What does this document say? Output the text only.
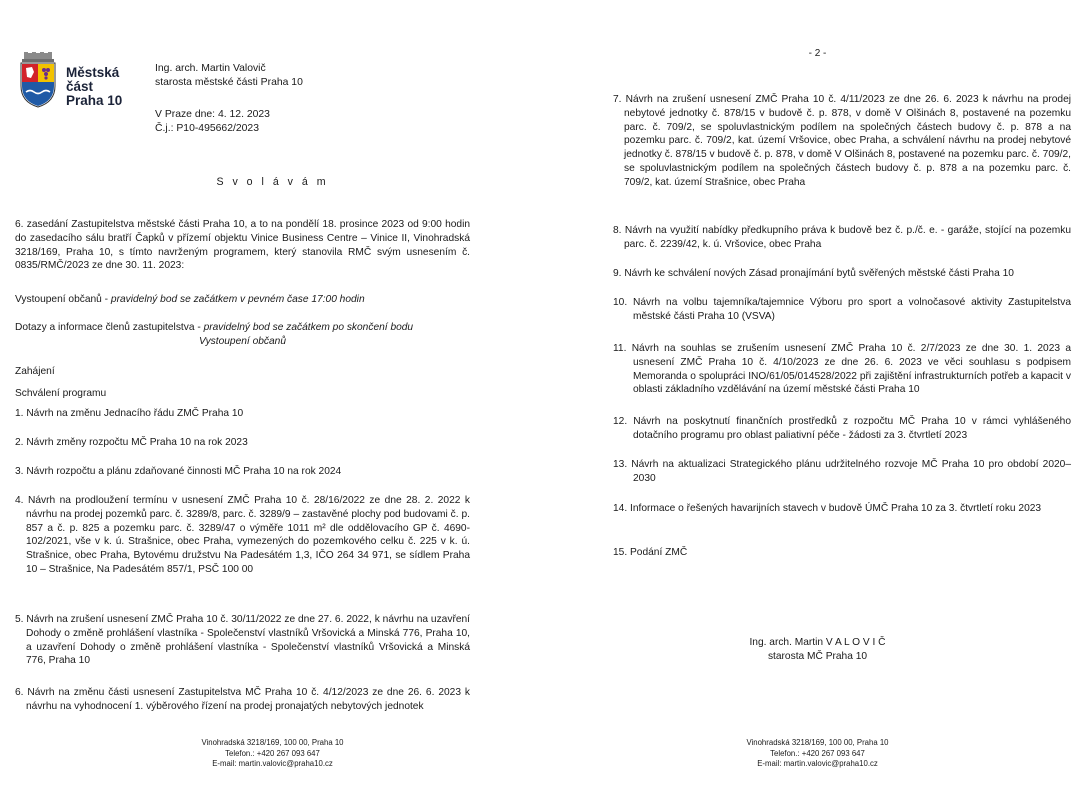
Městská
část
Praha 10
Ing. arch. Martin Valovič
starosta městské části Praha 10
V Praze dne: 4. 12. 2023
Č.j.: P10-495662/2023
S v o l á v á m
6. zasedání Zastupitelstva městské části Praha 10, a to na pondělí 18. prosince 2023 od 9:00 hodin do zasedacího sálu bratří Čapků v přízemí objektu Vinice Business Centre – Vinice II, Vinohradská 3218/169, Praha 10, s tímto navrženým programem, který stanovila RMČ svým usnesením č. 0835/RMČ/2023 ze dne 30. 11. 2023:
Vystoupení občanů - pravidelný bod se začátkem v pevném čase 17:00 hodin
Dotazy a informace členů zastupitelstva - pravidelný bod se začátkem po skončení bodu
Vystoupení občanů
Zahájení
Schválení programu
1. Návrh na změnu Jednacího řádu ZMČ Praha 10
2. Návrh změny rozpočtu MČ Praha 10 na rok 2023
3. Návrh rozpočtu a plánu zdaňované činnosti MČ Praha 10 na rok 2024
4. Návrh na prodloužení termínu v usnesení ZMČ Praha 10 č. 28/16/2022 ze dne 28. 2. 2022 k návrhu na prodej pozemků parc. č. 3289/8, parc. č. 3289/9 – zastavěné plochy pod budovami č. p. 857 a č. p. 825 a pozemku parc. č. 3289/47 o výměře 1011 m² dle oddělovacího GP č. 4690-102/2021, vše v k. ú. Strašnice, obec Praha, vymezených do pozemkového celku č. 225 v k. ú. Strašnice, obec Praha, Bytovému družstvu Na Padesátém 1,3, IČO 264 34 971, se sídlem Praha 10 – Strašnice, Na Padesátém 857/1, PSČ 100 00
5. Návrh na zrušení usnesení ZMČ Praha 10 č. 30/11/2022 ze dne 27. 6. 2022, k návrhu na uzavření Dohody o změně prohlášení vlastníka - Společenství vlastníků Vršovická a Minská 776, Praha 10, a uzavření Dohody o změně prohlášení vlastníka - Společenství vlastníků Vršovická a Minská 776, Praha 10
6. Návrh na změnu části usnesení Zastupitelstva MČ Praha 10 č. 4/12/2023 ze dne 26. 6. 2023 k návrhu na vyhodnocení 1. výběrového řízení na prodej pronajatých nebytových jednotek
Vinohradská 3218/169, 100 00, Praha 10
Telefon.: +420 267 093 647
E-mail: martin.valovic@praha10.cz
- 2 -
7. Návrh na zrušení usnesení ZMČ Praha 10 č. 4/11/2023 ze dne 26. 6. 2023 k návrhu na prodej nebytové jednotky č. 878/15 v budově č. p. 878, v domě V Olšinách 8, postavené na pozemku parc. č. 709/2, se spoluvlastnickým podílem na společných částech budovy č. p. 878 a na pozemku parc. č. 709/2, kat. území Vršovice, obec Praha, a schválení návrhu na prodej nebytové jednotky č. 878/15 v budově č. p. 878, v domě V Olšinách 8, postavené na pozemku parc. č. 709/2, se spoluvlastnickým podílem na společných částech budovy č. p. 878 a na pozemku parc. č. 709/2, kat. území Strašnice, obec Praha
8. Návrh na využití nabídky předkupního práva k budově bez č. p./č. e. - garáže, stojící na pozemku parc. č. 2239/42, k. ú. Vršovice, obec Praha
9. Návrh ke schválení nových Zásad pronajímání bytů svěřených městské části Praha 10
10. Návrh na volbu tajemníka/tajemnice Výboru pro sport a volnočasové aktivity Zastupitelstva městské části Praha 10 (VSVA)
11. Návrh na souhlas se zrušením usnesení ZMČ Praha 10 č. 2/7/2023 ze dne 30. 1. 2023 a usnesení ZMČ Praha 10 č. 4/10/2023 ze dne 26. 6. 2023 ve věci souhlasu s podpisem Memoranda o spolupráci INO/61/05/014528/2022 při zajištění infrastrukturních potřeb a kapacit v oblasti základního vzdělávání na území městské části Praha 10
12. Návrh na poskytnutí finančních prostředků z rozpočtu MČ Praha 10 v rámci vyhlášeného dotačního programu pro oblast paliativní péče - žádosti za 3. čtvrtletí 2023
13. Návrh na aktualizaci Strategického plánu udržitelného rozvoje MČ Praha 10 pro období 2020–2030
14. Informace o řešených havarijních stavech v budově ÚMČ Praha 10 za 3. čtvrtletí roku 2023
15. Podání ZMČ
Ing. arch. Martin V A L O V I Č
starosta MČ Praha 10
Vinohradská 3218/169, 100 00, Praha 10
Telefon.: +420 267 093 647
E-mail: martin.valovic@praha10.cz
